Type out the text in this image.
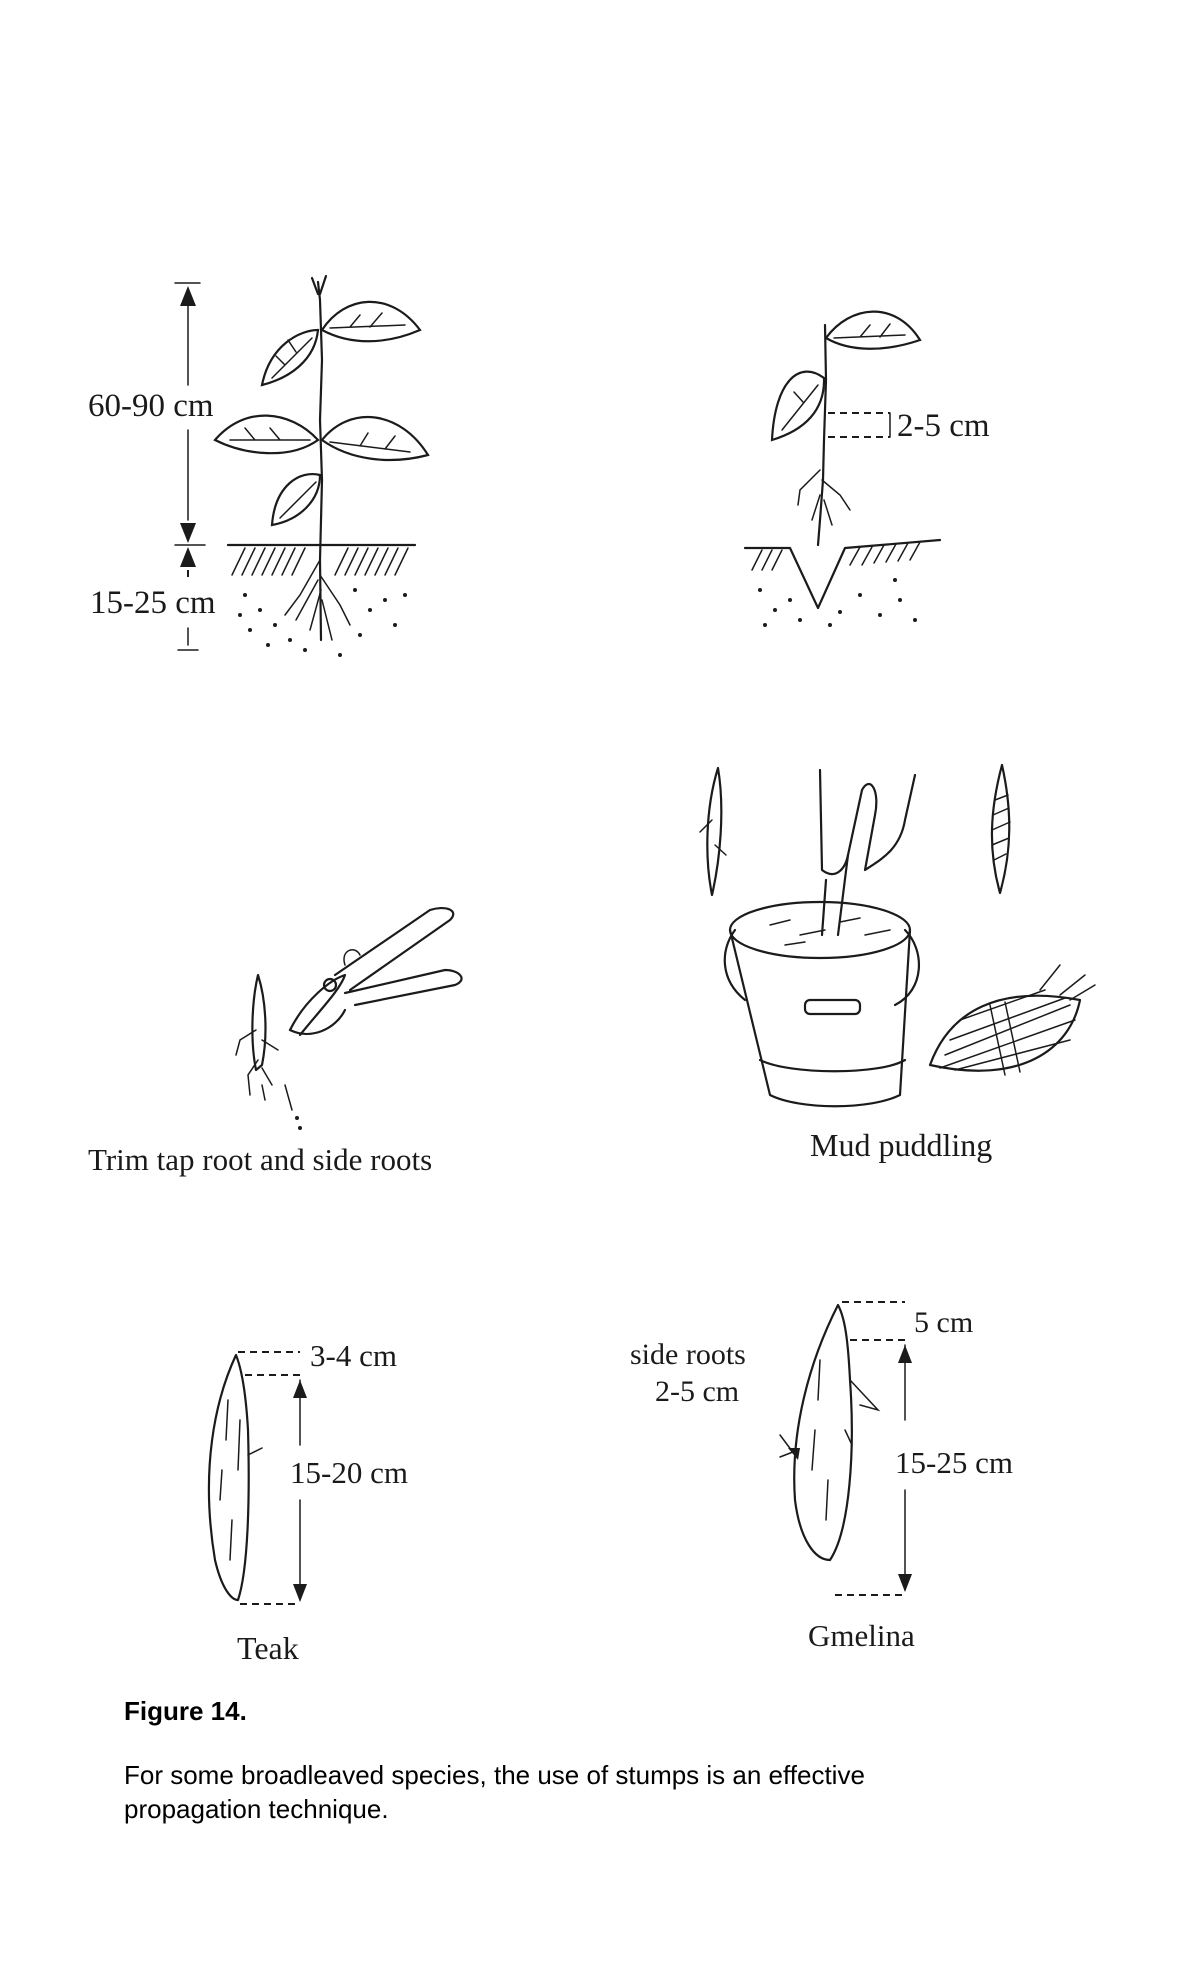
60-90 cm
15-25 cm
2-5 cm
Trim tap root and side roots	Mud puddling
3-4 cm
15-20 cm
Teak
5 cm
side roots
2-5 cm
15-25 cm
Gmelina
Figure 14.
For some broadleaved species, the use of stumps is an effective propagation technique.
